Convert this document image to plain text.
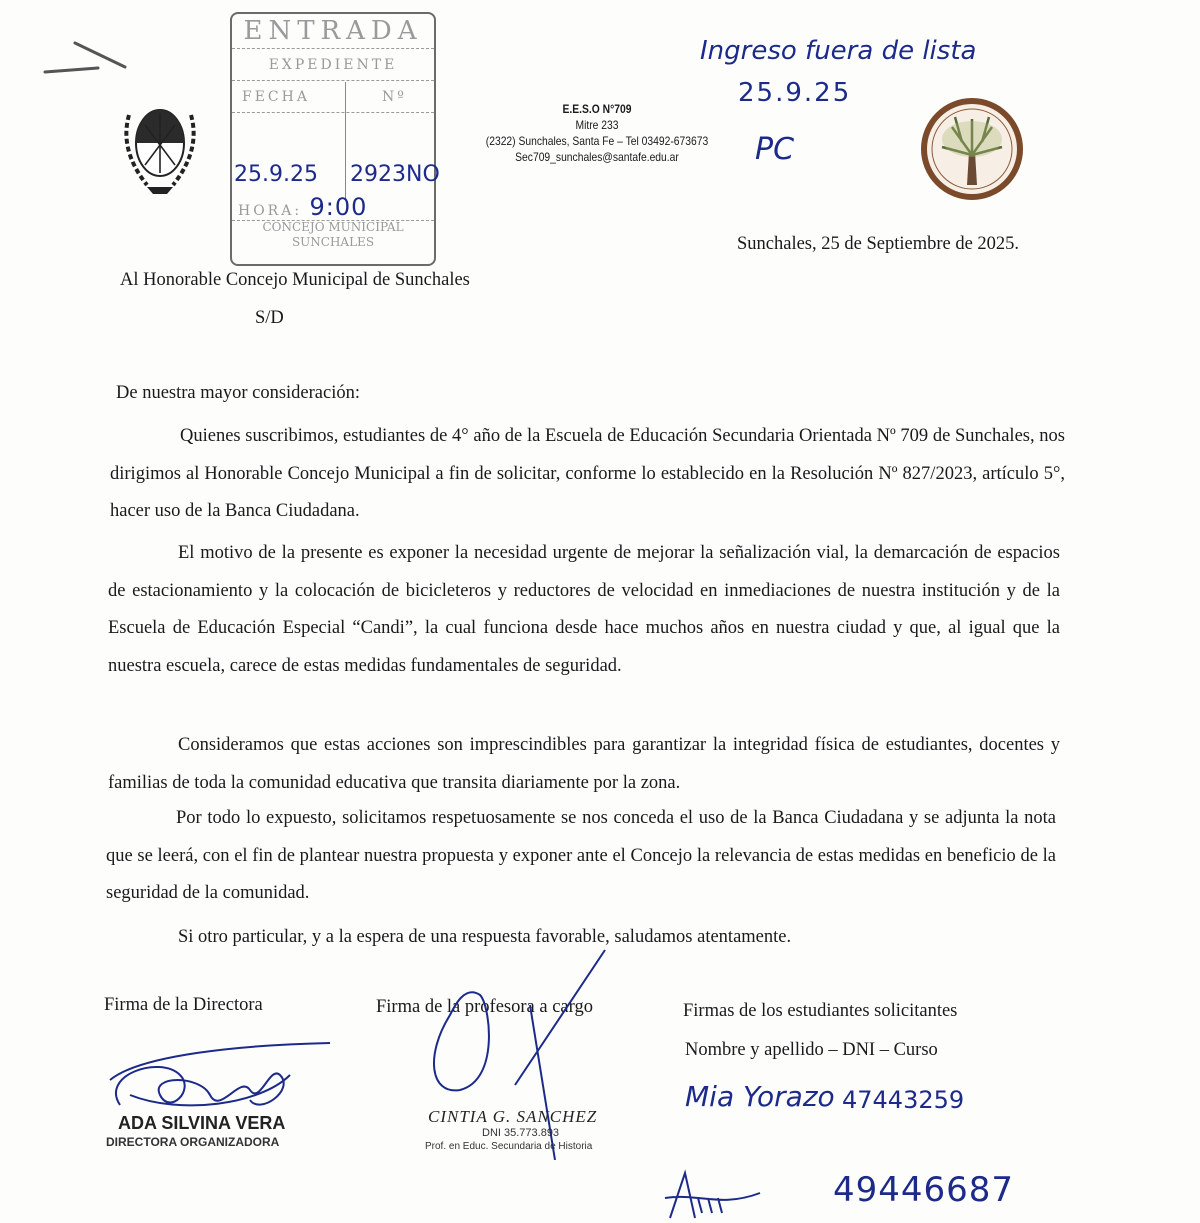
ENTRADA
EXPEDIENTE
FECHA	Nº
25.9.25 2923NO
HORA: 9:00
CONCEJO MUNICIPAL
SUNCHALES
E.E.S.O N°709
Mitre 233
(2322) Sunchales, Santa Fe – Tel 03492-673673
Sec709_sunchales@santafe.edu.ar
Ingreso fuera de lista
25.9.25
PC
Sunchales, 25 de Septiembre de 2025.
Al Honorable Concejo Municipal de Sunchales
S/D
De nuestra mayor consideración:
Quienes suscribimos, estudiantes de 4° año de la Escuela de Educación Secundaria Orientada Nº 709 de Sunchales, nos dirigimos al Honorable Concejo Municipal a fin de solicitar, conforme lo establecido en la Resolución Nº 827/2023, artículo 5°, hacer uso de la Banca Ciudadana.
El motivo de la presente es exponer la necesidad urgente de mejorar la señalización vial, la demarcación de espacios de estacionamiento y la colocación de bicicleteros y reductores de velocidad en inmediaciones de nuestra institución y de la Escuela de Educación Especial “Candi”, la cual funciona desde hace muchos años en nuestra ciudad y que, al igual que la nuestra escuela, carece de estas medidas fundamentales de seguridad.
Consideramos que estas acciones son imprescindibles para garantizar la integridad física de estudiantes, docentes y familias de toda la comunidad educativa que transita diariamente por la zona.
Por todo lo expuesto, solicitamos respetuosamente se nos conceda el uso de la Banca Ciudadana y se adjunta la nota que se leerá, con el fin de plantear nuestra propuesta y exponer ante el Concejo la relevancia de estas medidas en beneficio de la seguridad de la comunidad.
Si otro particular, y a la espera de una respuesta favorable, saludamos atentamente.
Firma de la Directora
ADA SILVINA VERA
DIRECTORA ORGANIZADORA
Firma de la profesora a cargo
CINTIA G. SANCHEZ
DNI 35.773.893
Prof. en Educ. Secundaria de Historia
Firmas de los estudiantes solicitantes
Nombre y apellido – DNI – Curso
Mia Yorazo 47443259
49446687
